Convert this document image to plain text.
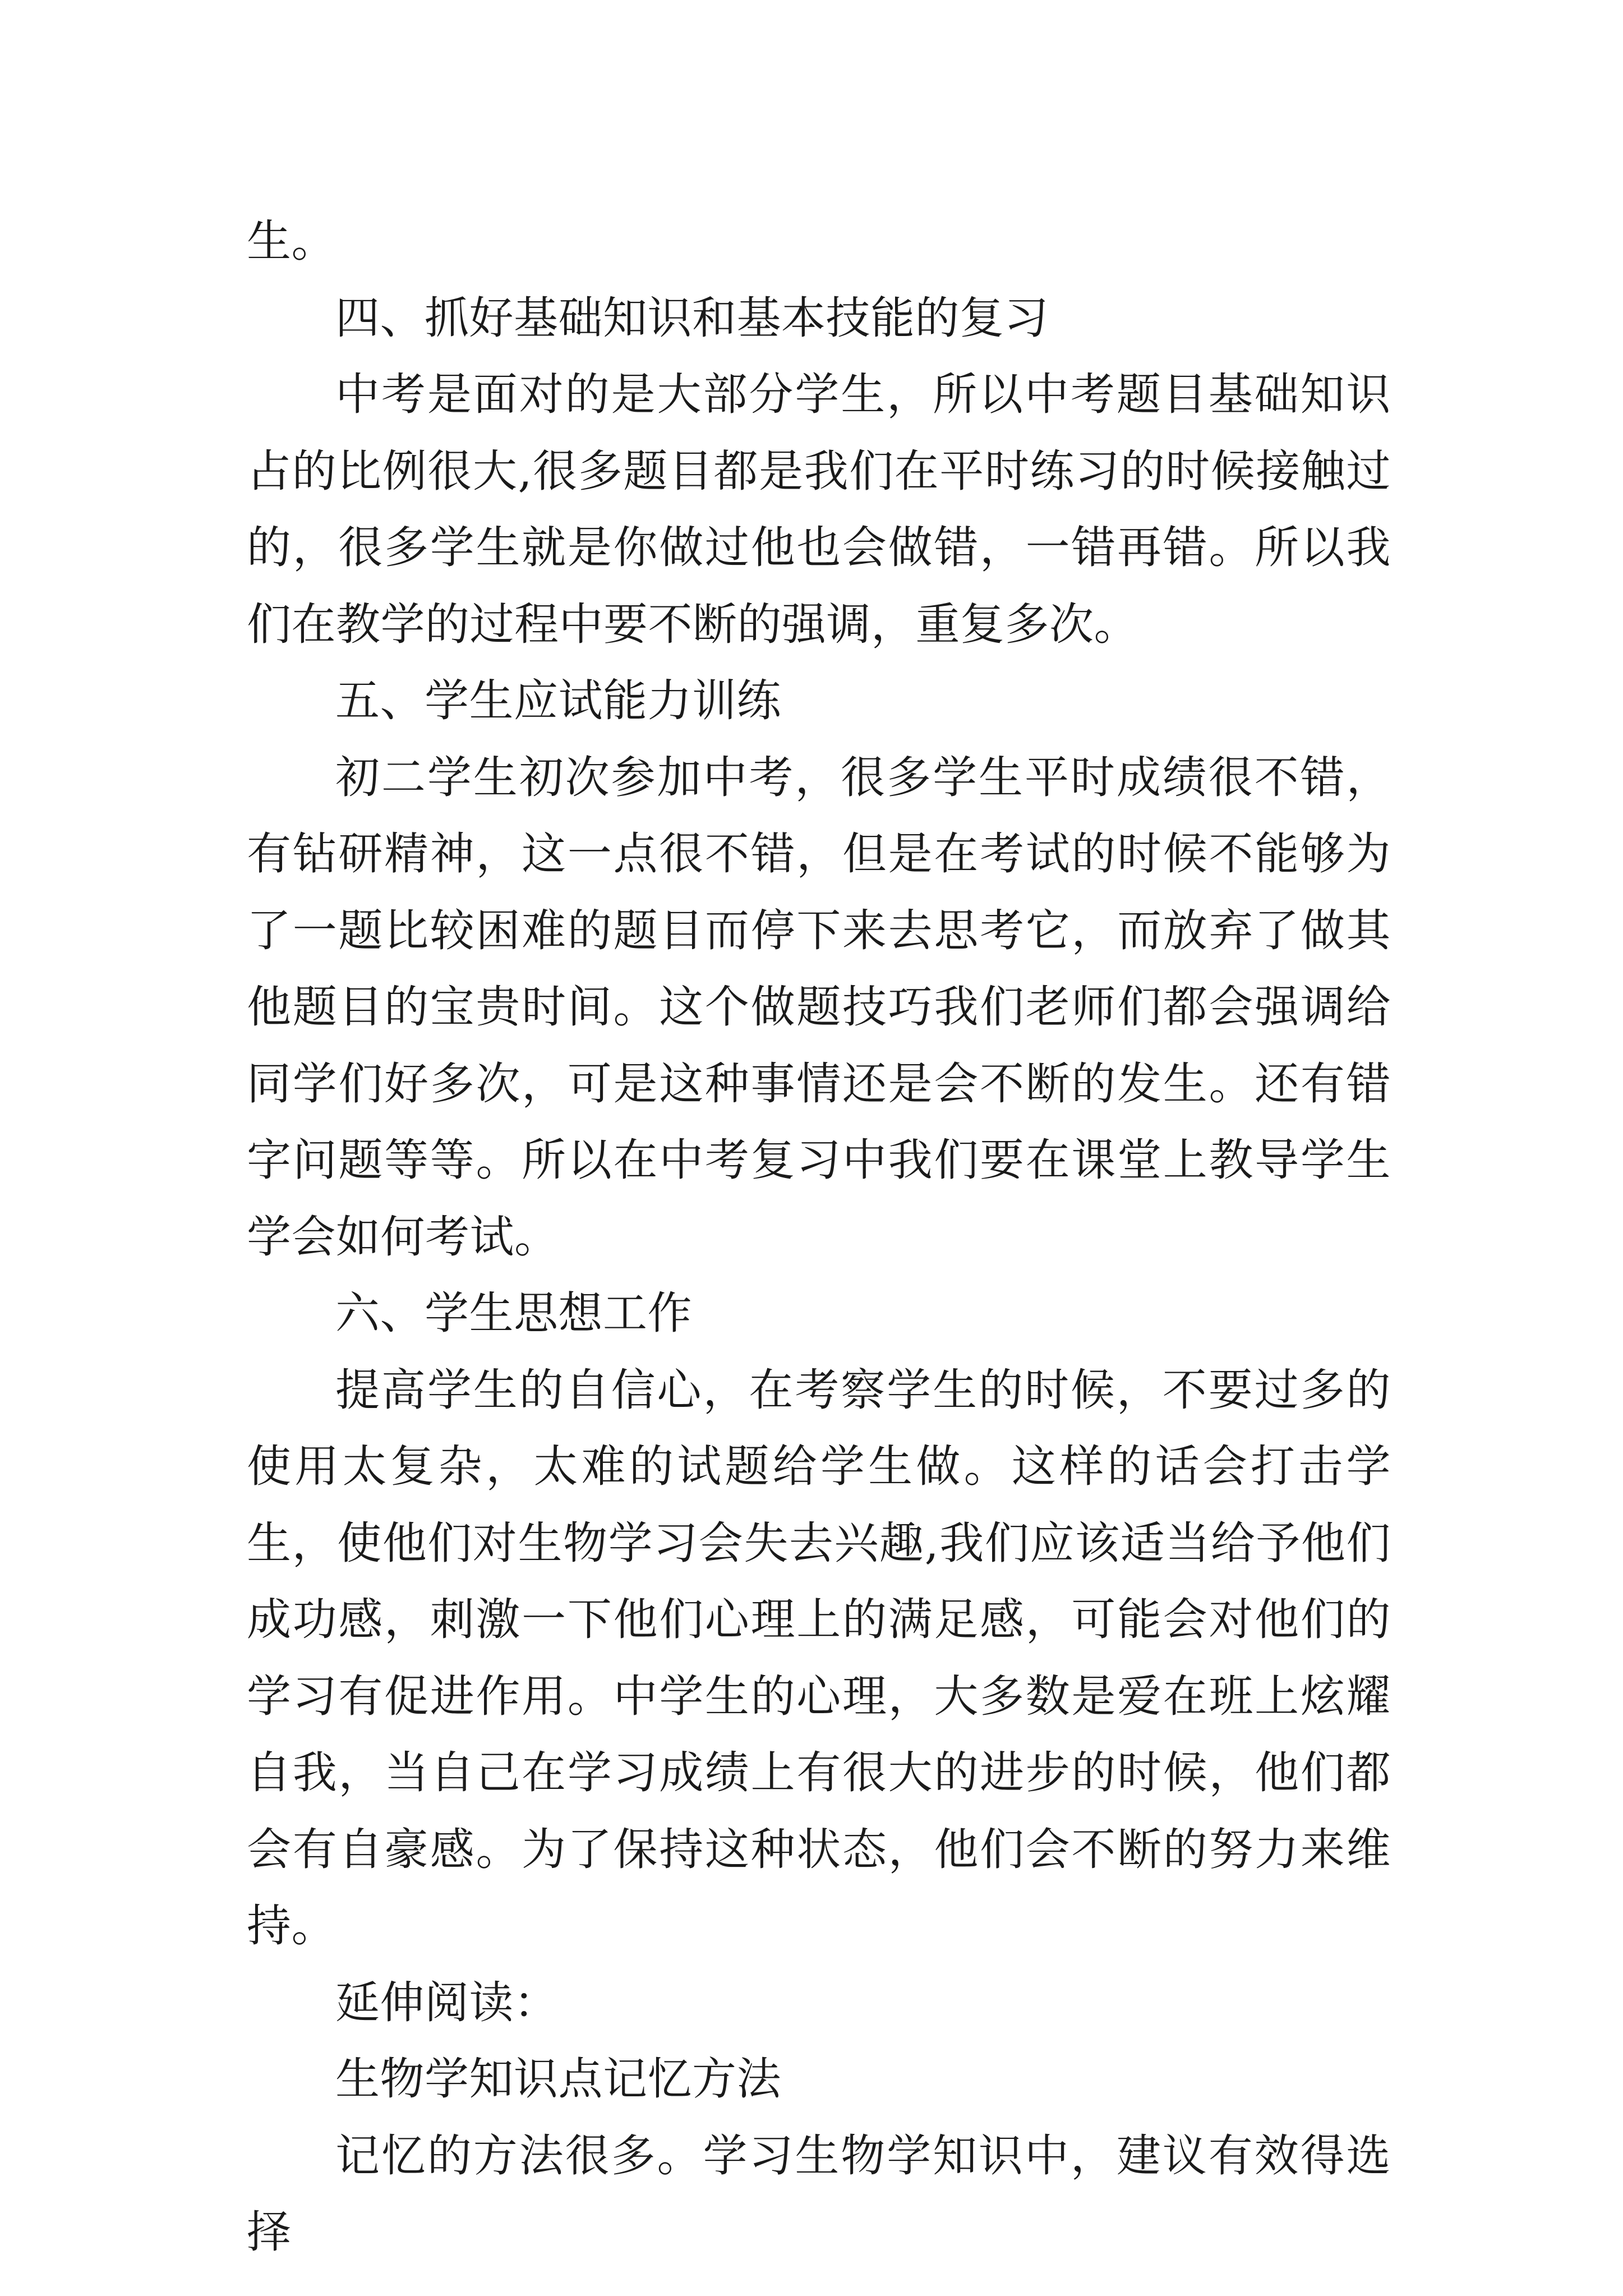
生。

四、抓好基础知识和基本技能的复习

中考是面对的是大部分学生，所以中考题目基础知识占的比例很大,很多题目都是我们在平时练习的时候接触过的，很多学生就是你做过他也会做错，一错再错。所以我们在教学的过程中要不断的强调，重复多次。

五、学生应试能力训练

初二学生初次参加中考，很多学生平时成绩很不错，有钻研精神，这一点很不错，但是在考试的时候不能够为了一题比较困难的题目而停下来去思考它，而放弃了做其他题目的宝贵时间。这个做题技巧我们老师们都会强调给同学们好多次，可是这种事情还是会不断的发生。还有错字问题等等。所以在中考复习中我们要在课堂上教导学生学会如何考试。

六、学生思想工作

提高学生的自信心，在考察学生的时候，不要过多的使用太复杂，太难的试题给学生做。这样的话会打击学生，使他们对生物学习会失去兴趣,我们应该适当给予他们成功感，刺激一下他们心理上的满足感，可能会对他们的学习有促进作用。中学生的心理，大多数是爱在班上炫耀自我，当自己在学习成绩上有很大的进步的时候，他们都会有自豪感。为了保持这种状态，他们会不断的努力来维持。

延伸阅读：

生物学知识点记忆方法

记忆的方法很多。学习生物学知识中，建议有效得选择
